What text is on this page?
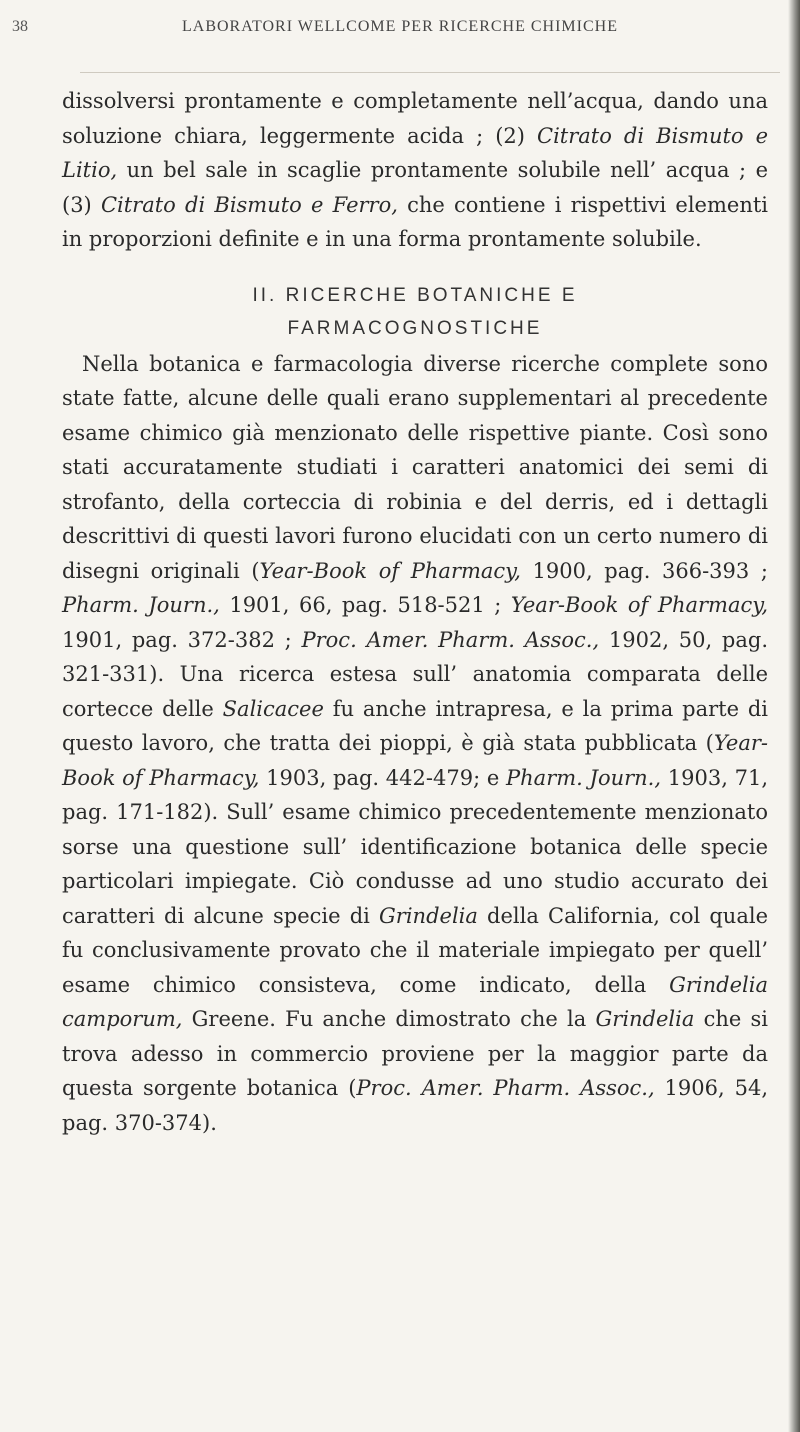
38	LABORATORI WELLCOME PER RICERCHE CHIMICHE

dissolversi prontamente e completamente nell’acqua, dando una soluzione chiara, leggermente acida ; (2) Citrato di Bismuto e Litio, un bel sale in scaglie prontamente solubile nell’ acqua ; e (3) Citrato di Bismuto e Ferro, che contiene i rispettivi elementi in proporzioni definite e in una forma prontamente solubile.

II. RICERCHE BOTANICHE E
FARMACOGNOSTICHE

Nella botanica e farmacologia diverse ricerche complete sono state fatte, alcune delle quali erano supplementari al precedente esame chimico già menzionato delle rispettive piante. Così sono stati accuratamente studiati i caratteri anatomici dei semi di strofanto, della corteccia di robinia e del derris, ed i dettagli descrittivi di questi lavori furono elucidati con un certo numero di disegni originali (Year-Book of Pharmacy, 1900, pag. 366-393 ; Pharm. Journ., 1901, 66, pag. 518-521 ; Year-Book of Pharmacy, 1901, pag. 372-382 ; Proc. Amer. Pharm. Assoc., 1902, 50, pag. 321-331). Una ricerca estesa sull’ anatomia comparata delle cortecce delle Salicacee fu anche intrapresa, e la prima parte di questo lavoro, che tratta dei pioppi, è già stata pubblicata (Year-Book of Pharmacy, 1903, pag. 442-479; e Pharm. Journ., 1903, 71, pag. 171-182). Sull’ esame chimico precedentemente menzionato sorse una questione sull’ identificazione botanica delle specie particolari impiegate. Ciò condusse ad uno studio accurato dei caratteri di alcune specie di Grindelia della California, col quale fu conclusivamente provato che il materiale impiegato per quell’ esame chimico consisteva, come indicato, della Grindelia camporum, Greene. Fu anche dimostrato che la Grindelia che si trova adesso in commercio proviene per la maggior parte da questa sorgente botanica (Proc. Amer. Pharm. Assoc., 1906, 54, pag. 370-374).
